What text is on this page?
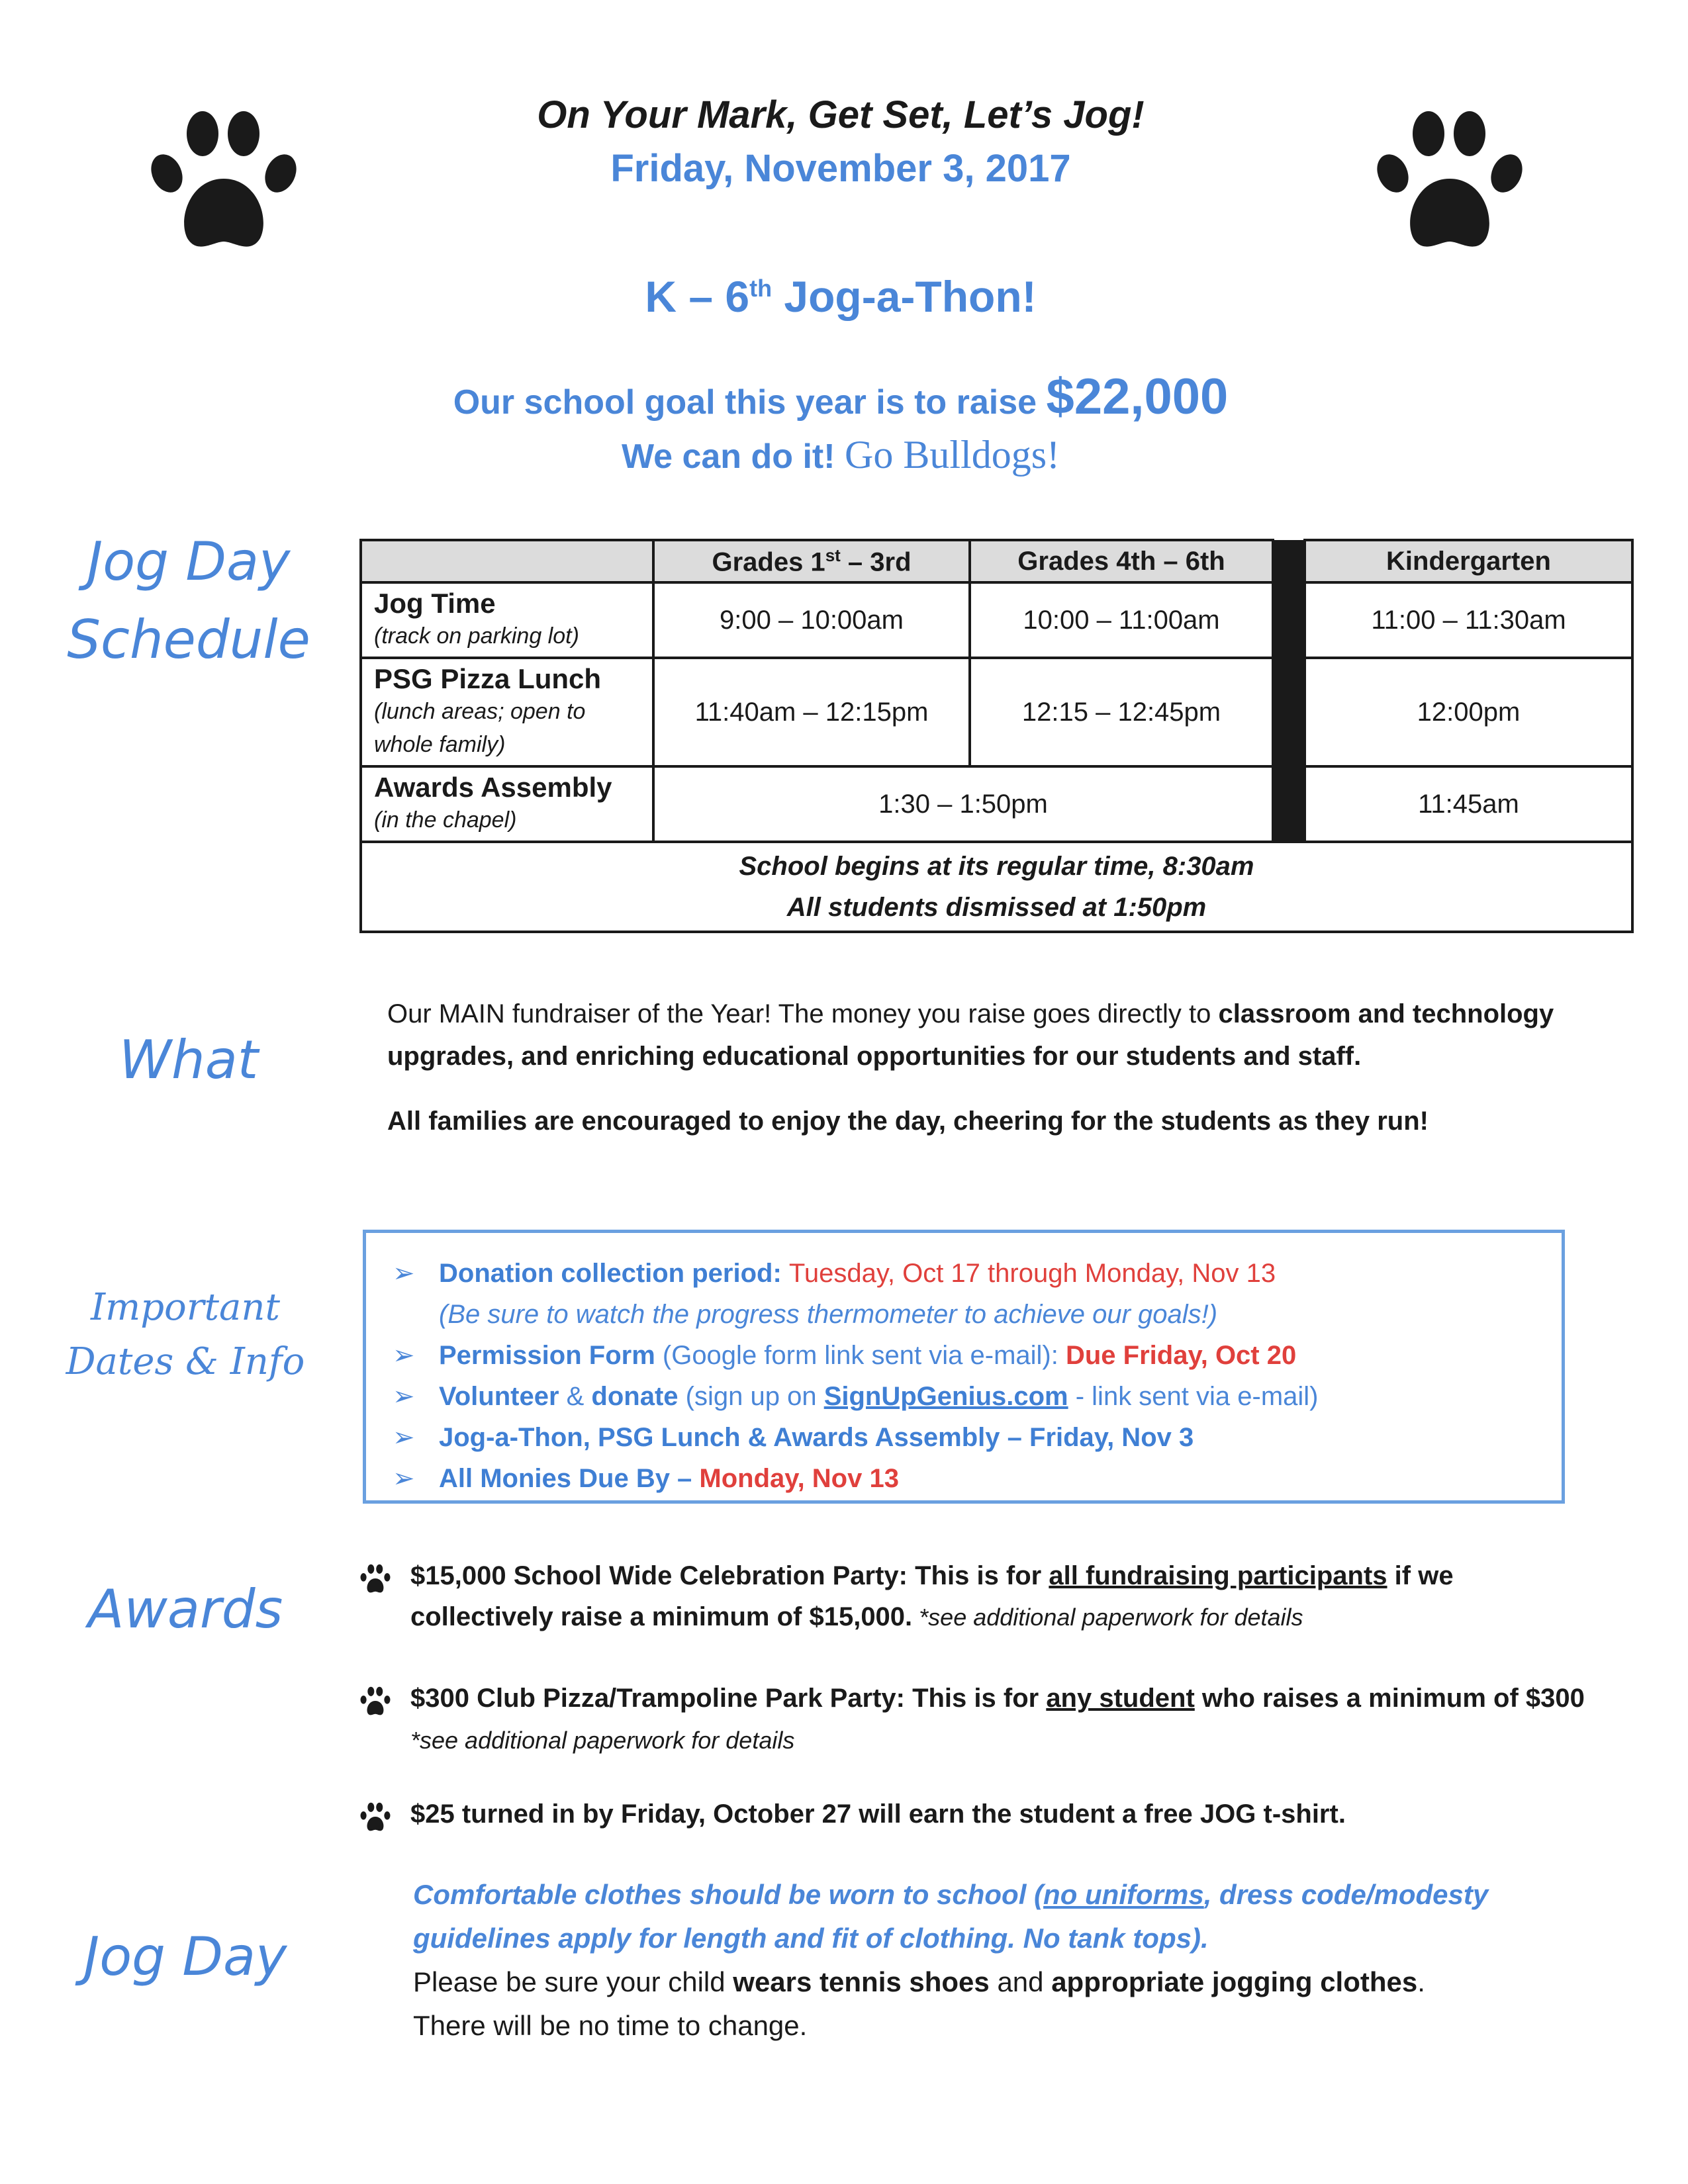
On Your Mark, Get Set, Let’s Jog!

Friday, November 3, 2017

K – 6th Jog-a-Thon!

Our school goal this year is to raise $22,000

We can do it! Go Bulldogs!

Jog Day
Schedule
What
Important
Dates & Info
Awards
Jog Day
	Grades 1st – 3rd	Grades 4th – 6th		Kindergarten

Jog Time
(track on parking lot)	9:00 – 10:00am	10:00 – 11:00am		11:00 – 11:30am

PSG Pizza Lunch
(lunch areas; open to whole family)	11:40am – 12:15pm	12:15 – 12:45pm		12:00pm

Awards Assembly
(in the chapel)	1:30 – 1:50pm			11:45am

School begins at its regular time, 8:30am
All students dismissed at 1:50pm				

Our MAIN fundraiser of the Year! The money you raise goes directly to classroom and technology upgrades, and enriching educational opportunities for our students and staff.

All families are encouraged to enjoy the day, cheering for the students as they run!

➢ Donation collection period: Tuesday, Oct 17 through Monday, Nov 13
(Be sure to watch the progress thermometer to achieve our goals!)
➢ Permission Form (Google form link sent via e-mail): Due Friday, Oct 20
➢ Volunteer & donate (sign up on SignUpGenius.com - link sent via e-mail)
➢ Jog-a-Thon, PSG Lunch & Awards Assembly – Friday, Nov 3
➢ All Monies Due By – Monday, Nov 13
$15,000 School Wide Celebration Party: This is for all fundraising participants if we collectively raise a minimum of $15,000. *see additional paperwork for details
$300 Club Pizza/Trampoline Park Party: This is for any student who raises a minimum of $300 *see additional paperwork for details
$25 turned in by Friday, October 27 will earn the student a free JOG t-shirt.

Comfortable clothes should be worn to school (no uniforms, dress code/modesty guidelines apply for length and fit of clothing. No tank tops).

Please be sure your child wears tennis shoes and appropriate jogging clothes.

There will be no time to change.
